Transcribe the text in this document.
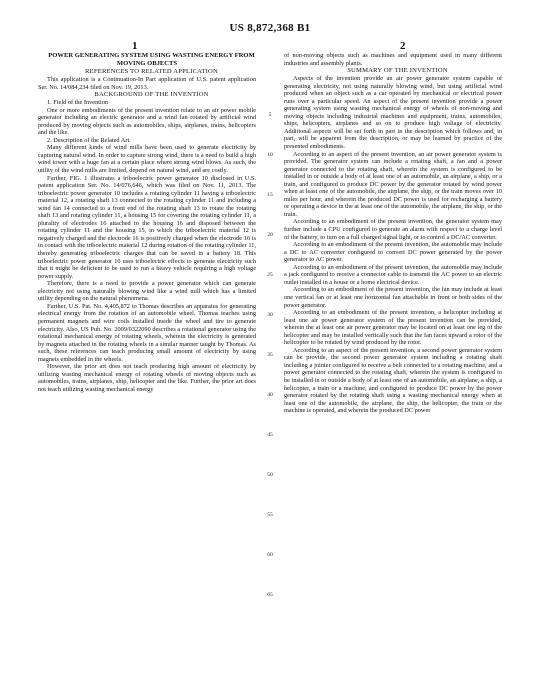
US 8,872,368 B1
1	2

POWER GENERATING SYSTEM USING WASTING ENERGY FROM MOVING OBJECTS

REFERENCES TO RELATED APPLICATION

This application is a Continuation-In Part application of U.S. patent application Ser. No. 14/084,234 filed on Nov. 19, 2013.

BACKGROUND OF THE INVENTION

1. Field of the Invention

One or more embodiments of the present invention relate to an air power mobile generator including an electric generator and a wind fan rotated by artificial wind produced by moving objects such as automobiles, ships, airplanes, trains, helicopters and the like.

2. Description of the Related Art

Many different kinds of wind mills have been used to generate electricity by capturing natural wind. In order to capture strong wind, there is a need to build a high wind tower with a huge fan at a certain place where strong wind blows. As such, the utility of the wind mills are limited, depend on natural wind, and are costly.

Further, FIG. 1 illustrates a triboelectric power generator 10 disclosed in U.S. patent application Ser. No. 14/076,646, which was filed on Nov. 11, 2013. The triboelectric power generator 10 includes a rotating cylinder 11 having a triboelectric material 12, a rotating shaft 13 connected to the rotating cylinder 11 and including a wind fan 14 connected to a front end of the rotating shaft 13 to rotate the rotating shaft 13 and rotating cylinder 11, a housing 15 for covering the rotating cylinder 11, a plurality of electrodes 16 attached to the housing 16 and disposed between the rotating cylinder 11 and the housing 15, in which the triboelectric material 12 is negatively charged and the electrode 16 is positively charged when the electrode 16 is in contact with the triboelectric material 12 during rotation of the rotating cylinder 11, thereby generating triboelectric charges that can be saved in a battery 18. This triboelectric power generator 10 uses triboelectric effects to generate electricity such that it might be deficient to be used to run a heavy vehicle requiring a high voltage power supply.

Therefore, there is a need to provide a power generator which can generate electricity not using naturally blowing wind like a wind mill which has a limited utility depending on the natural phenomena.

Further, U.S. Pat. No. 4,405,872 to Thomas describes an apparatus for generating electrical energy from the rotation of an automobile wheel. Thomas teaches using permanent magnets and wire coils installed inside the wheel and tire to generate electricity. Also, US Pub. No. 2009/0322090 describes a rotational generator using the rotational mechanical energy of rotating wheels, wherein the electricity is generated by magnets attached in the rotating wheels in a similar manner taught by Thomas. As such, these references can teach producing small amount of electricity by using magnets embedded in the wheels.

However, the prior art does not teach producing high amount of electricity by utilizing wasting mechanical energy of rotating wheels of moving objects such as automobiles, trains, airplanes, ship, helicopter and the like. Further, the prior art does not teach utilizing wasting mechanical energy

5
10
15
20
25
30
35
40
45
50
55
60
65

of non-moving objects such as machines and equipment used in many different industries and assembly plants.

SUMMARY OF THE INVENTION

Aspects of the invention provide an air power generator system capable of generating electricity, not using naturally blowing wind, but using artificial wind produced when an object such as a car operated by mechanical or electrical power runs over a particular speed. An aspect of the present invention provide a power generating system using wasting mechanical energy of wheels of non-moving and moving objects including industrial machines and equipment, trains, automobiles, ships, helicopters, airplanes and so on to produce high voltage of electricity. Additional aspects will be set forth in part in the description which follows and, in part, will be apparent from the description, or may be learned by practice of the presented embodiments.

According to an aspect of the present invention, an air power generator system is provided. The generator system can include a rotating shaft, a fan and a power generator connected to the rotating shaft, wherein the system is configured to be installed in or outside a body of at least one of an automobile, an airplane, a ship, or a train, and configured to produce DC power by the generator rotated by wind power when at least one of the automobile, the airplane, the ship, or the train moves over 10 miles per hour, and wherein the produced DC power is used for recharging a battery or operating a device in the at least one of the automobile, the airplane, the ship, or the train.

According to an embodiment of the present invention, the generator system may further include a CPU configured to generate an alarm with respect to a charge level of the battery, to turn on a full charged signal light, or to control a DC/AC converter.

According to an embodiment of the present invention, the automobile may include a DC to AC converter configured to convert DC power generated by the power generator to AC power.

According to an embodiment of the present invention, the automobile may include a jack configured to receive a connector cable to transmit the AC power to an electric outlet installed in a house or a home electrical device.

According to an embodiment of the present invention, the fan may include at least one vertical fan or at least one horizontal fan attachable in front or both sides of the power generator.

According to an embodiment of the present invention, a helicopter including at least one air power generator system of the present invention can be provided, wherein the at least one air power generator may be located on at least one leg of the helicopter and may be installed vertically such that the fan faces upward a rotor of the helicopter to be rotated by wind produced by the rotor.

According to an aspect of the present invention, a second power generator system can be provide, the second power generator system including a rotating shaft including a jointer configured to receive a belt connected to a rotating machine, and a power generator connected to the rotating shaft, wherein the system is configured to be installed in or outside a body of at least one of an automobile, an airplane, a ship, a helicopter, a train or a machine, and configured to produce DC power by the power generator rotated by the rotating shaft using a wasting mechanical energy when at least one of the automobile, the airplane, the ship, the helicopter, the train or the machine is operated, and wherein the produced DC power
